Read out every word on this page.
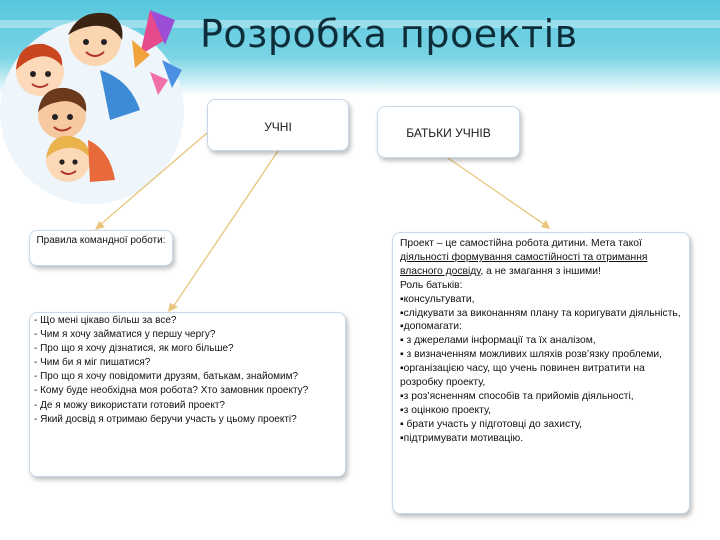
Розробка проектів
УЧНІ	БАТЬКИ УЧНІВ
Правила командної роботи:
- Що мені цікаво більш за все?
- Чим я хочу займатися у першу чергу?
- Про що я хочу дізнатися, як мого більше?
- Чим би я міг пишатися?
- Про що я хочу повідомити друзям, батькам, знайомим?
- Кому буде необхідна моя робота? Хто замовник проекту?
- Де я можу використати готовий проект?
- Який досвід я отримаю беручи участь у цьому проекті?
Проект – це самостійна робота дитини. Мета такої діяльності формування самостійності та отримання власного досвіду, а не змагання з іншими!
Роль батьків:
▪консультувати,
▪слідкувати за виконанням плану та коригувати діяльність,
▪допомагати:
▪ з джерелами інформації та їх аналізом,
▪ з визначенням можливих шляхів розв’язку проблеми,
▪організацією часу, що учень повинен витратити на розробку проекту,
▪з роз’ясненням способів та прийомів діяльності,
▪з оцінкою проекту,
▪ брати участь у підготовці до захисту,
▪підтримувати мотивацію.
